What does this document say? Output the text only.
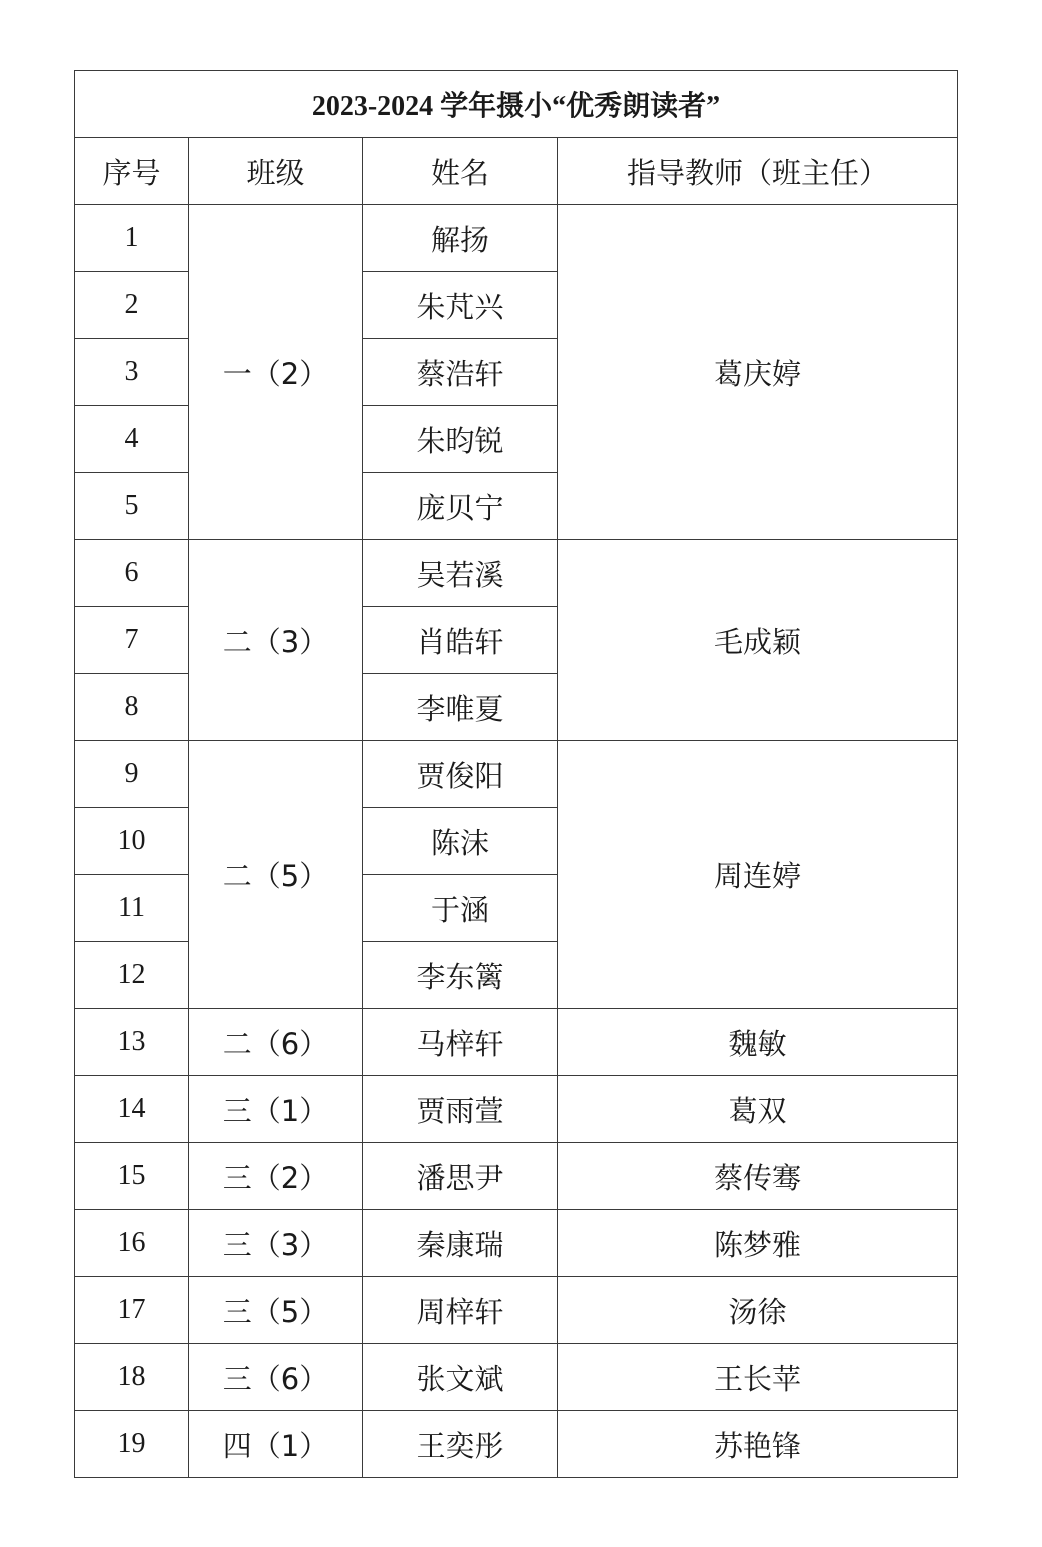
2023-2024 学年摄小“优秀朗读者”			
序号	班级	姓名	指导教师（班主任）
1	一（2）	解扬	葛庆婷
2		朱芃兴	
3		蔡浩轩	
4		朱昀锐	
5		庞贝宁	
6	二（3）	吴若溪	毛成颖
7		肖皓轩	
8		李唯夏	
9	二（5）	贾俊阳	周连婷
10		陈沫	
11		于涵	
12		李东篱	
13	二（6）	马梓轩	魏敏
14	三（1）	贾雨萱	葛双
15	三（2）	潘思尹	蔡传骞
16	三（3）	秦康瑞	陈梦雅
17	三（5）	周梓轩	汤徐
18	三（6）	张文斌	王长苹
19	四（1）	王奕彤	苏艳锋
